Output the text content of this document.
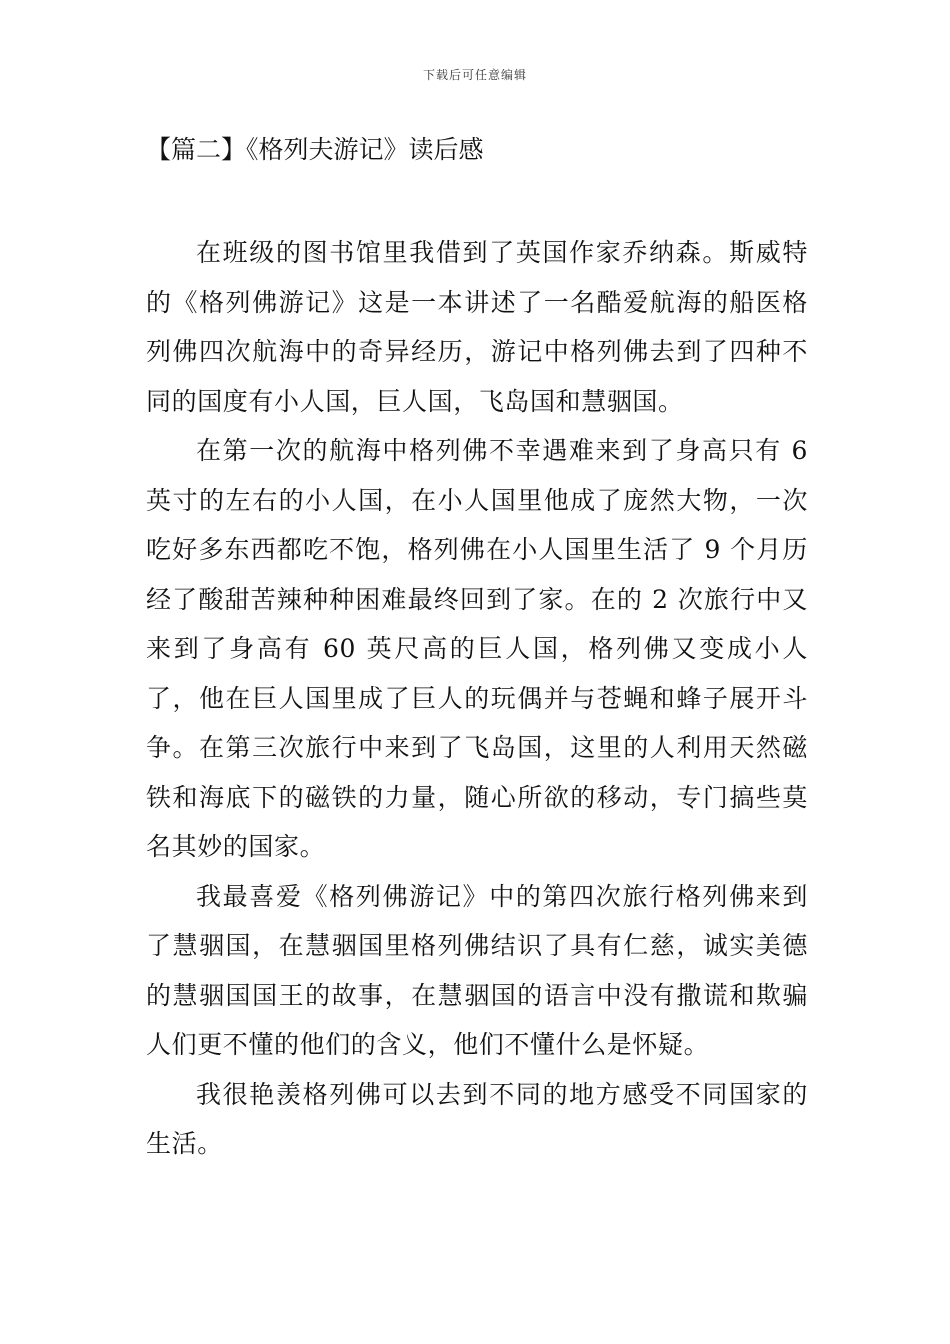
下载后可任意编辑
【篇二】《格列夫游记》读后感

在班级的图书馆里我借到了英国作家乔纳森。斯威特的《格列佛游记》这是一本讲述了一名酷爱航海的船医格列佛四次航海中的奇异经历，游记中格列佛去到了四种不同的国度有小人国，巨人国，飞岛国和慧骃国。

在第一次的航海中格列佛不幸遇难来到了身高只有 6 英寸的左右的小人国，在小人国里他成了庞然大物，一次吃好多东西都吃不饱，格列佛在小人国里生活了 9 个月历经了酸甜苦辣种种困难最终回到了家。在的 2 次旅行中又来到了身高有 60 英尺高的巨人国，格列佛又变成小人了，他在巨人国里成了巨人的玩偶并与苍蝇和蜂子展开斗争。在第三次旅行中来到了飞岛国，这里的人利用天然磁铁和海底下的磁铁的力量，随心所欲的移动，专门搞些莫名其妙的国家。

我最喜爱《格列佛游记》中的第四次旅行格列佛来到了慧骃国，在慧骃国里格列佛结识了具有仁慈，诚实美德的慧骃国国王的故事，在慧骃国的语言中没有撒谎和欺骗人们更不懂的他们的含义，他们不懂什么是怀疑。

我很艳羡格列佛可以去到不同的地方感受不同国家的生活。
